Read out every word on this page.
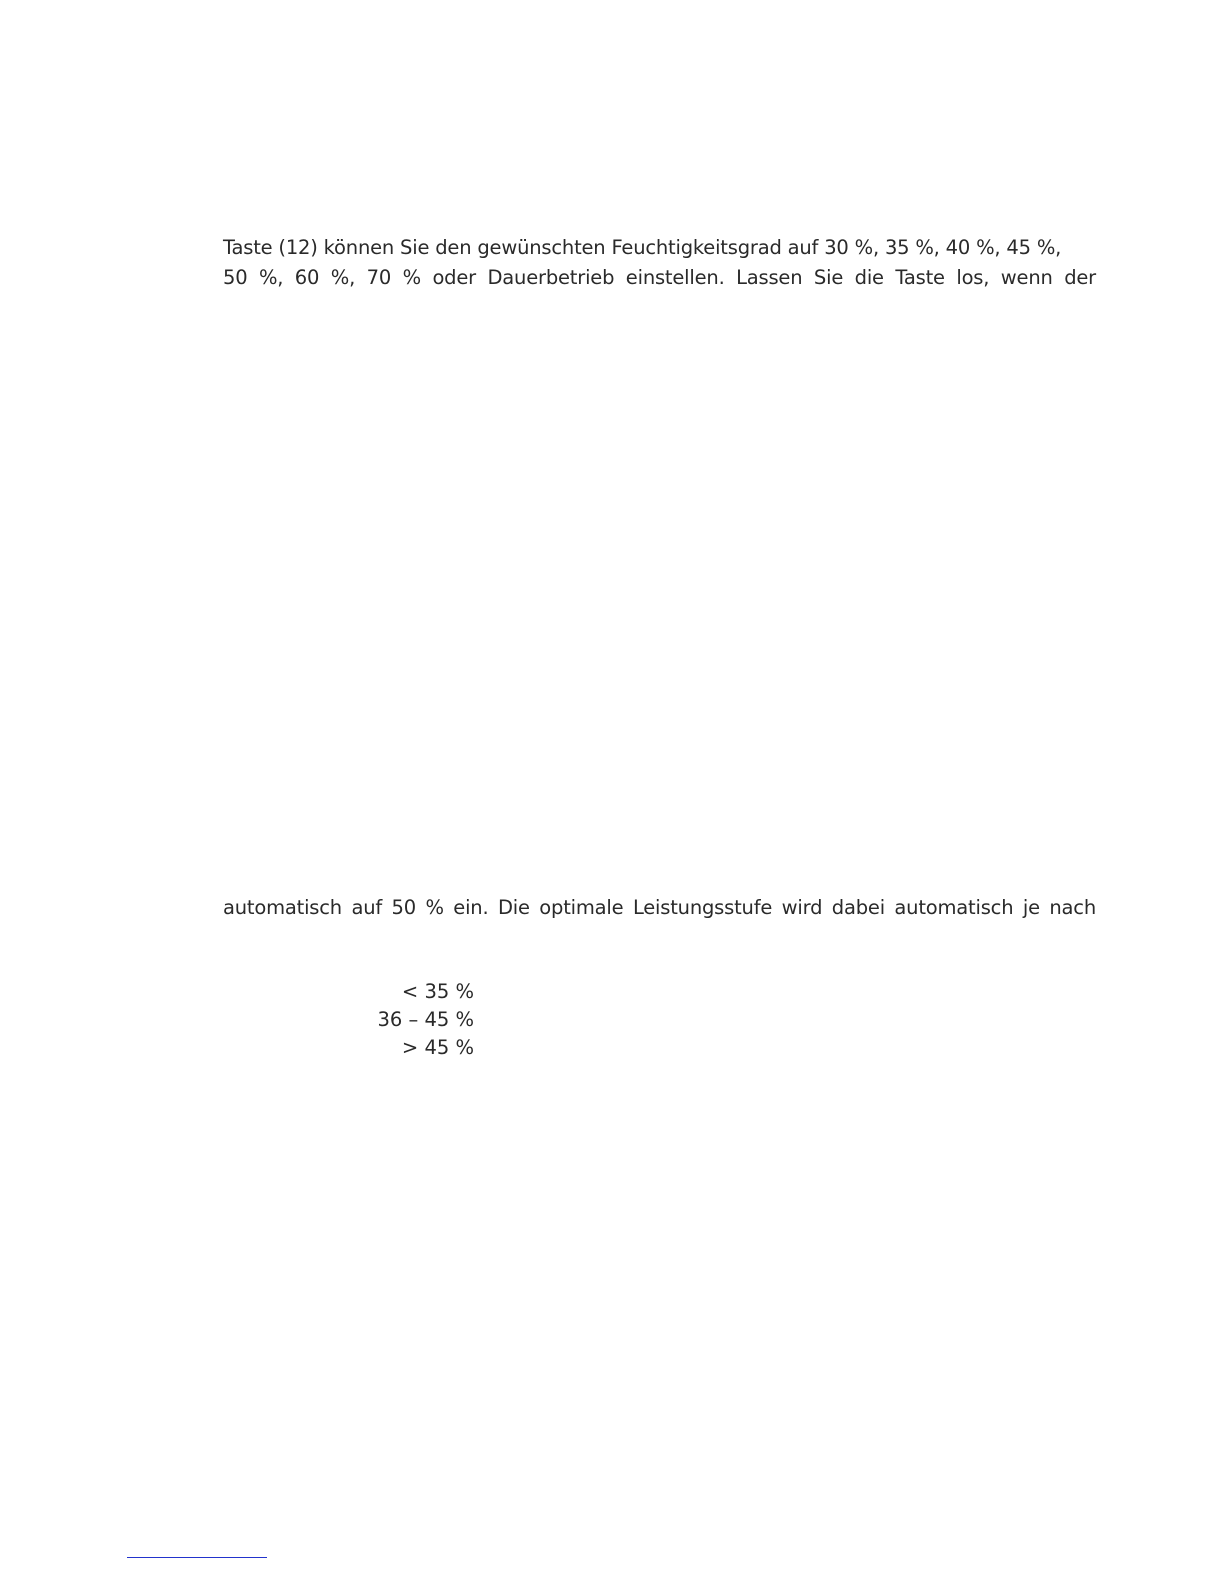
Taste (12) können Sie den gewünschten Feuchtigkeitsgrad auf 30 %, 35 %, 40 %, 45 %,
50 %, 60 %, 70 % oder Dauerbetrieb einstellen. Lassen Sie die Taste los, wenn der
automatisch auf 50 % ein. Die optimale Leistungsstufe wird dabei automatisch je nach
< 35 %
36 – 45 %
> 45 %
